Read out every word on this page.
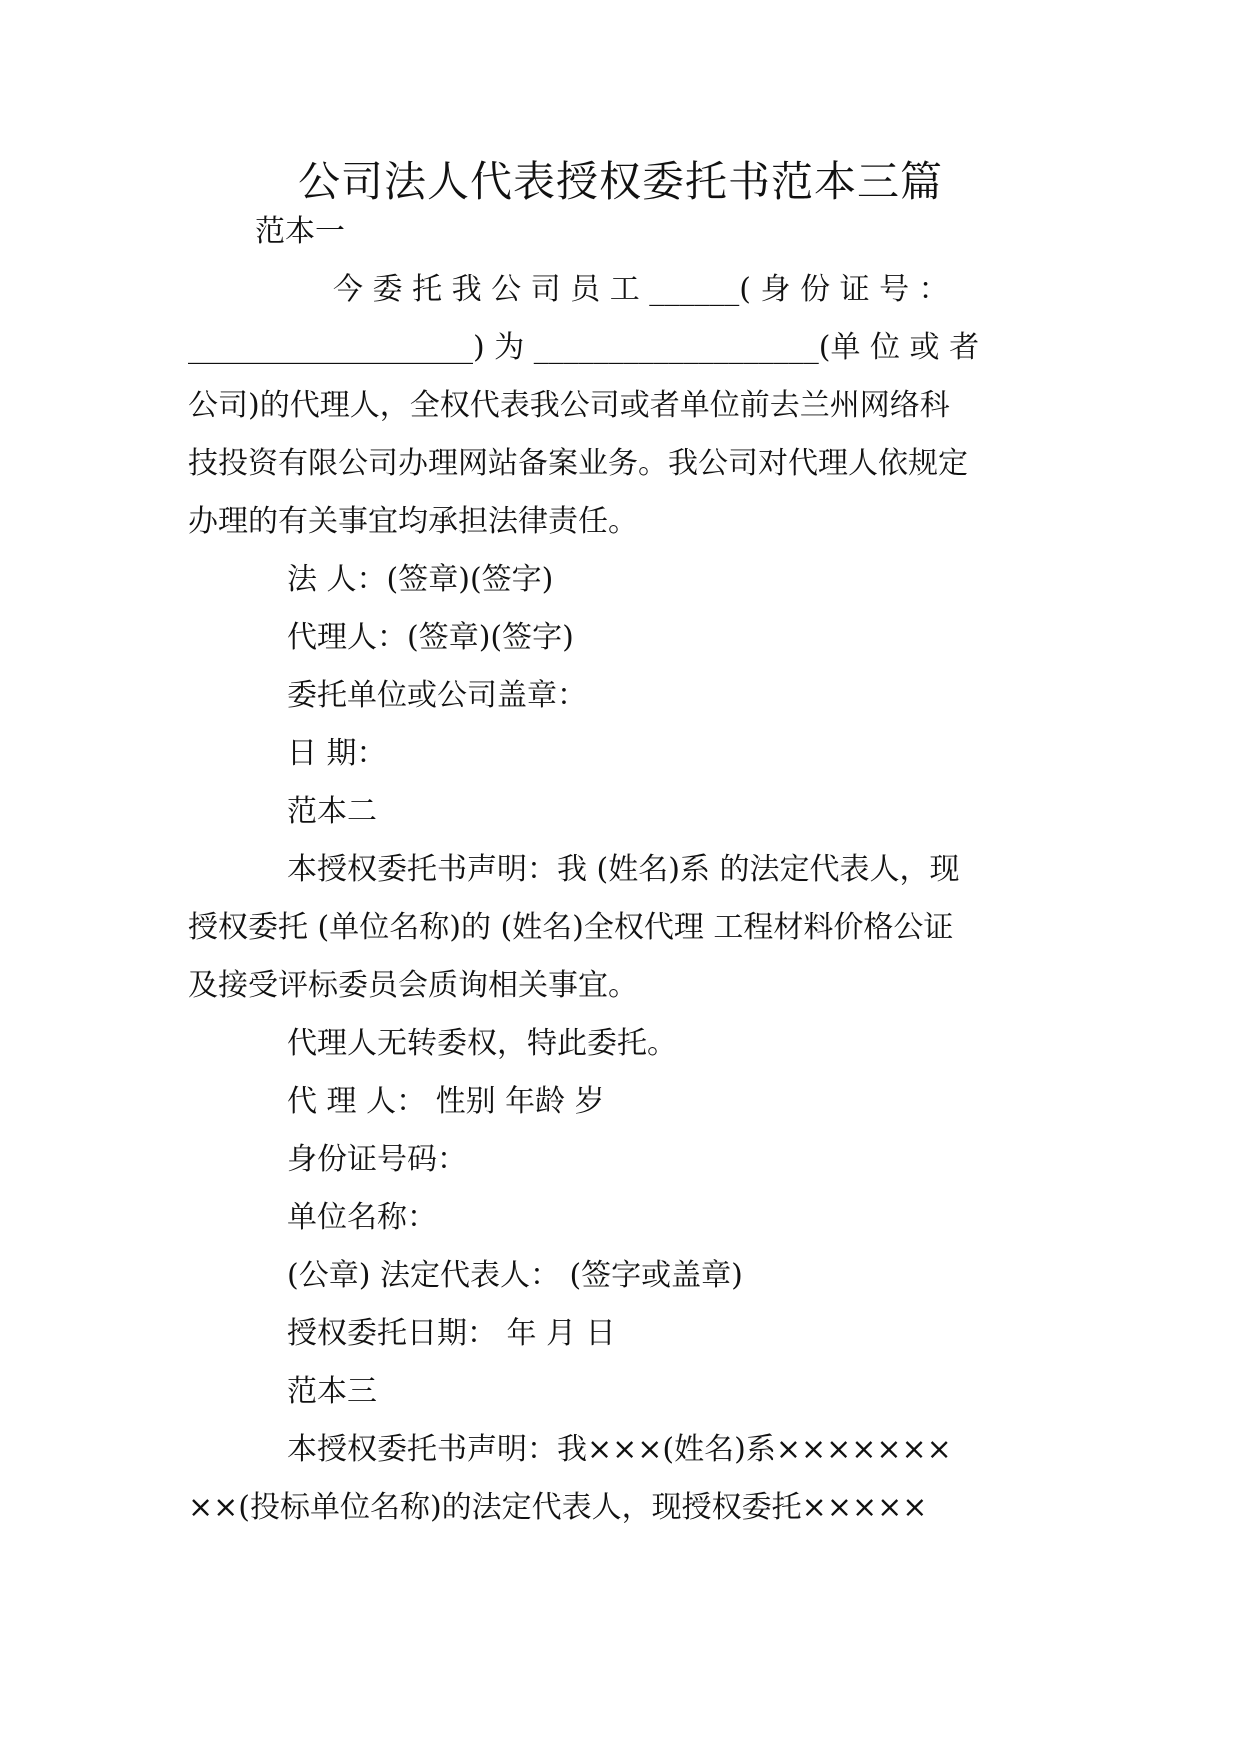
公司法人代表授权委托书范本三篇
范本一
今 委 托 我 公 司 员 工 ______( 身 份 证 号 ：
___________________) 为 ___________________(单 位 或 者
公司)的代理人，全权代表我公司或者单位前去兰州网络科
技投资有限公司办理网站备案业务。我公司对代理人依规定
办理的有关事宜均承担法律责任。
法 人：(签章)(签字)
代理人：(签章)(签字)
委托单位或公司盖章：
日 期：
范本二
本授权委托书声明：我 (姓名)系 的法定代表人，现
授权委托 (单位名称)的 (姓名)全权代理 工程材料价格公证
及接受评标委员会质询相关事宜。
代理人无转委权，特此委托。
代 理 人： 性别 年龄 岁
身份证号码：
单位名称：
(公章) 法定代表人： (签字或盖章)
授权委托日期： 年 月 日
范本三
本授权委托书声明：我×××(姓名)系×××××××
××(投标单位名称)的法定代表人，现授权委托×××××
